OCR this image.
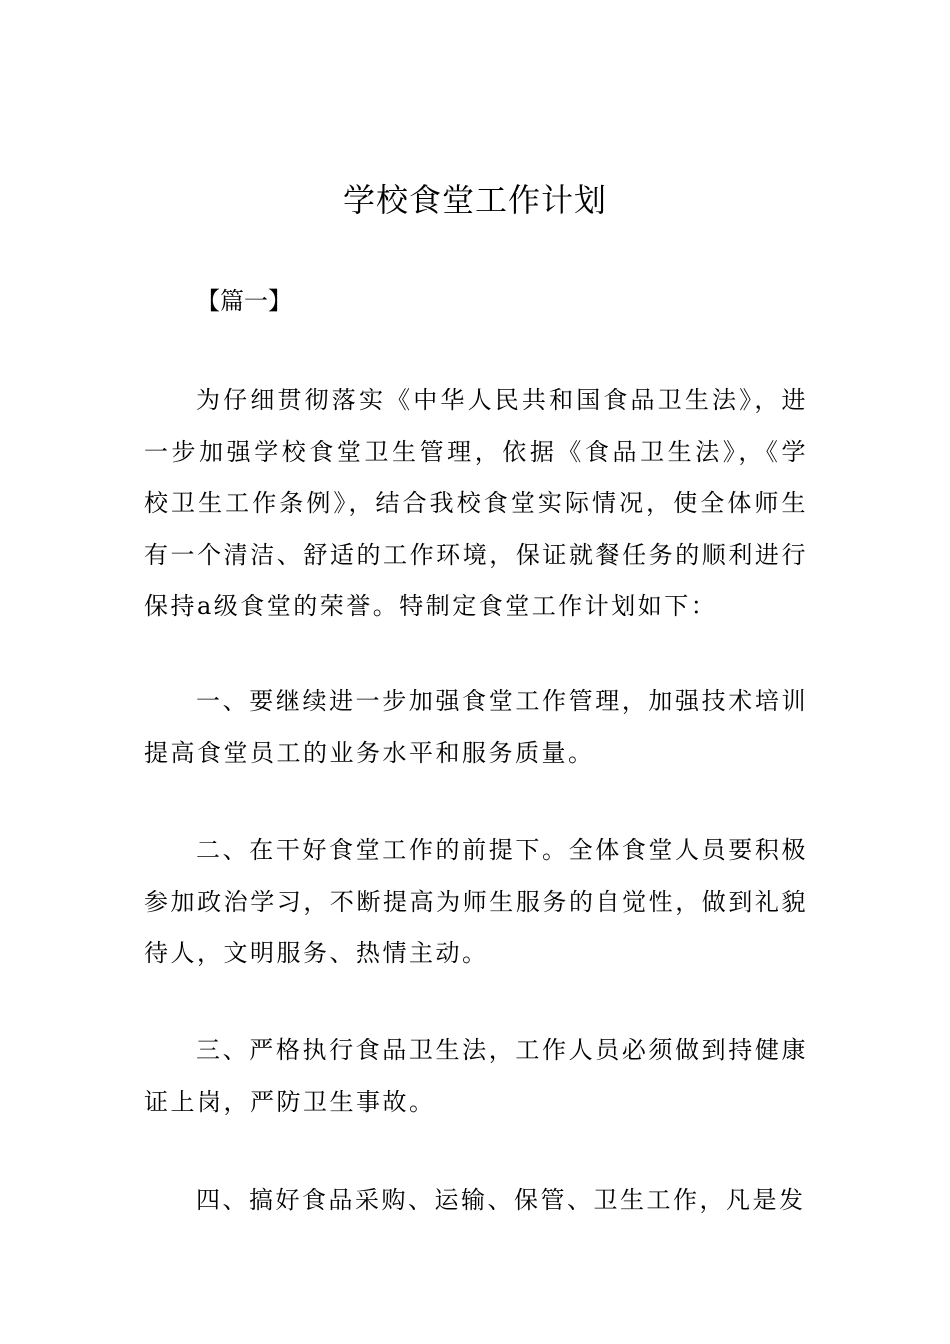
学校食堂工作计划
【篇一】

为仔细贯彻落实《中华人民共和国食品卫生法》，进一步加强学校食堂卫生管理，依据《食品卫生法》，《学校卫生工作条例》，结合我校食堂实际情况，使全体师生有一个清洁、舒适的工作环境，保证就餐任务的顺利进行保持a级食堂的荣誉。特制定食堂工作计划如下：

一、要继续进一步加强食堂工作管理，加强技术培训提高食堂员工的业务水平和服务质量。

二、在干好食堂工作的前提下。全体食堂人员要积极参加政治学习，不断提高为师生服务的自觉性，做到礼貌待人，文明服务、热情主动。

三、严格执行食品卫生法，工作人员必须做到持健康证上岗，严防卫生事故。

四、搞好食品采购、运输、保管、卫生工作，凡是发
